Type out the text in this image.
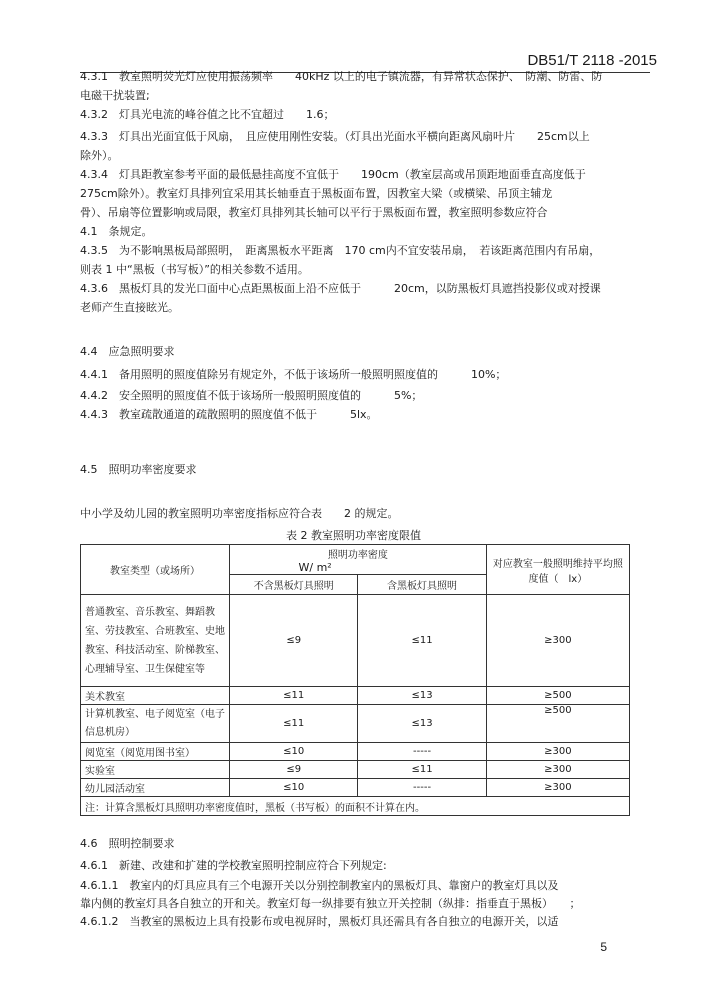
DB51/T 2118 -2015
4.3.1　教室照明荧光灯应使用振荡频率　　40kHz 以上的电子镇流器，有异常状态保护、　防潮、防雷、防
电磁干扰装置;
4.3.2　灯具光电流的峰谷值之比不宜超过　　1.6；
4.3.3　灯具出光面宜低于风扇，　且应使用刚性安装。（灯具出光面水平横向距离风扇叶片　　25cm以上
除外）。
4.3.4　灯具距教室参考平面的最低悬挂高度不宜低于　　190cm（教室层高或吊顶距地面垂直高度低于
275cm除外）。教室灯具排列宜采用其长轴垂直于黑板面布置，因教室大梁（或横梁、吊顶主辅龙
骨）、吊扇等位置影响或局限，教室灯具排列其长轴可以平行于黑板面布置，教室照明参数应符合
4.1　条规定。
4.3.5　为不影响黑板局部照明，　距离黑板水平距离　170 cm内不宜安装吊扇，　若该距离范围内有吊扇，
则表 1 中“黑板（书写板）”的相关参数不适用。
4.3.6　黑板灯具的发光口面中心点距黑板面上沿不应低于　　　20cm，以防黑板灯具遮挡投影仪或对授课
老师产生直接眩光。
4.4　应急照明要求
4.4.1　备用照明的照度值除另有规定外，不低于该场所一般照明照度值的　　　10%；
4.4.2　安全照明的照度值不低于该场所一般照明照度值的　　　5%；
4.4.3　教室疏散通道的疏散照明的照度值不低于　　　5lx。
4.5　照明功率密度要求
中小学及幼儿园的教室照明功率密度指标应符合表　　2 的规定。
表 2 教室照明功率密度限值
教室类型（或场所）	照明功率密度
W/ m²		对应教室一般照明维持平均照度值（　lx）
	不含黑板灯具照明	含黑板灯具照明	
普通教室、音乐教室、舞蹈教室、劳技教室、合班教室、史地教室、科技活动室、阶梯教室、心理辅导室、卫生保健室等	≤9	≤11	≥300
美术教室	≤11	≤13	≥500
计算机教室、电子阅览室（电子信息机房）	≤11	≤13	≥500
阅览室（阅览用图书室）	≤10	-----	≥300
实验室	≤9	≤11	≥300
幼儿园活动室	≤10	-----	≥300
注：计算含黑板灯具照明功率密度值时，黑板（书写板）的面积不计算在内。			
4.6　照明控制要求
4.6.1　新建、改建和扩建的学校教室照明控制应符合下列规定:
4.6.1.1　教室内的灯具应具有三个电源开关以分别控制教室内的黑板灯具、靠窗户的教室灯具以及
靠内侧的教室灯具各自独立的开和关。教室灯每一纵排要有独立开关控制（纵排：指垂直于黑板）　　；
4.6.1.2　当教室的黑板边上具有投影布或电视屏时，黑板灯具还需具有各自独立的电源开关，以适
5
